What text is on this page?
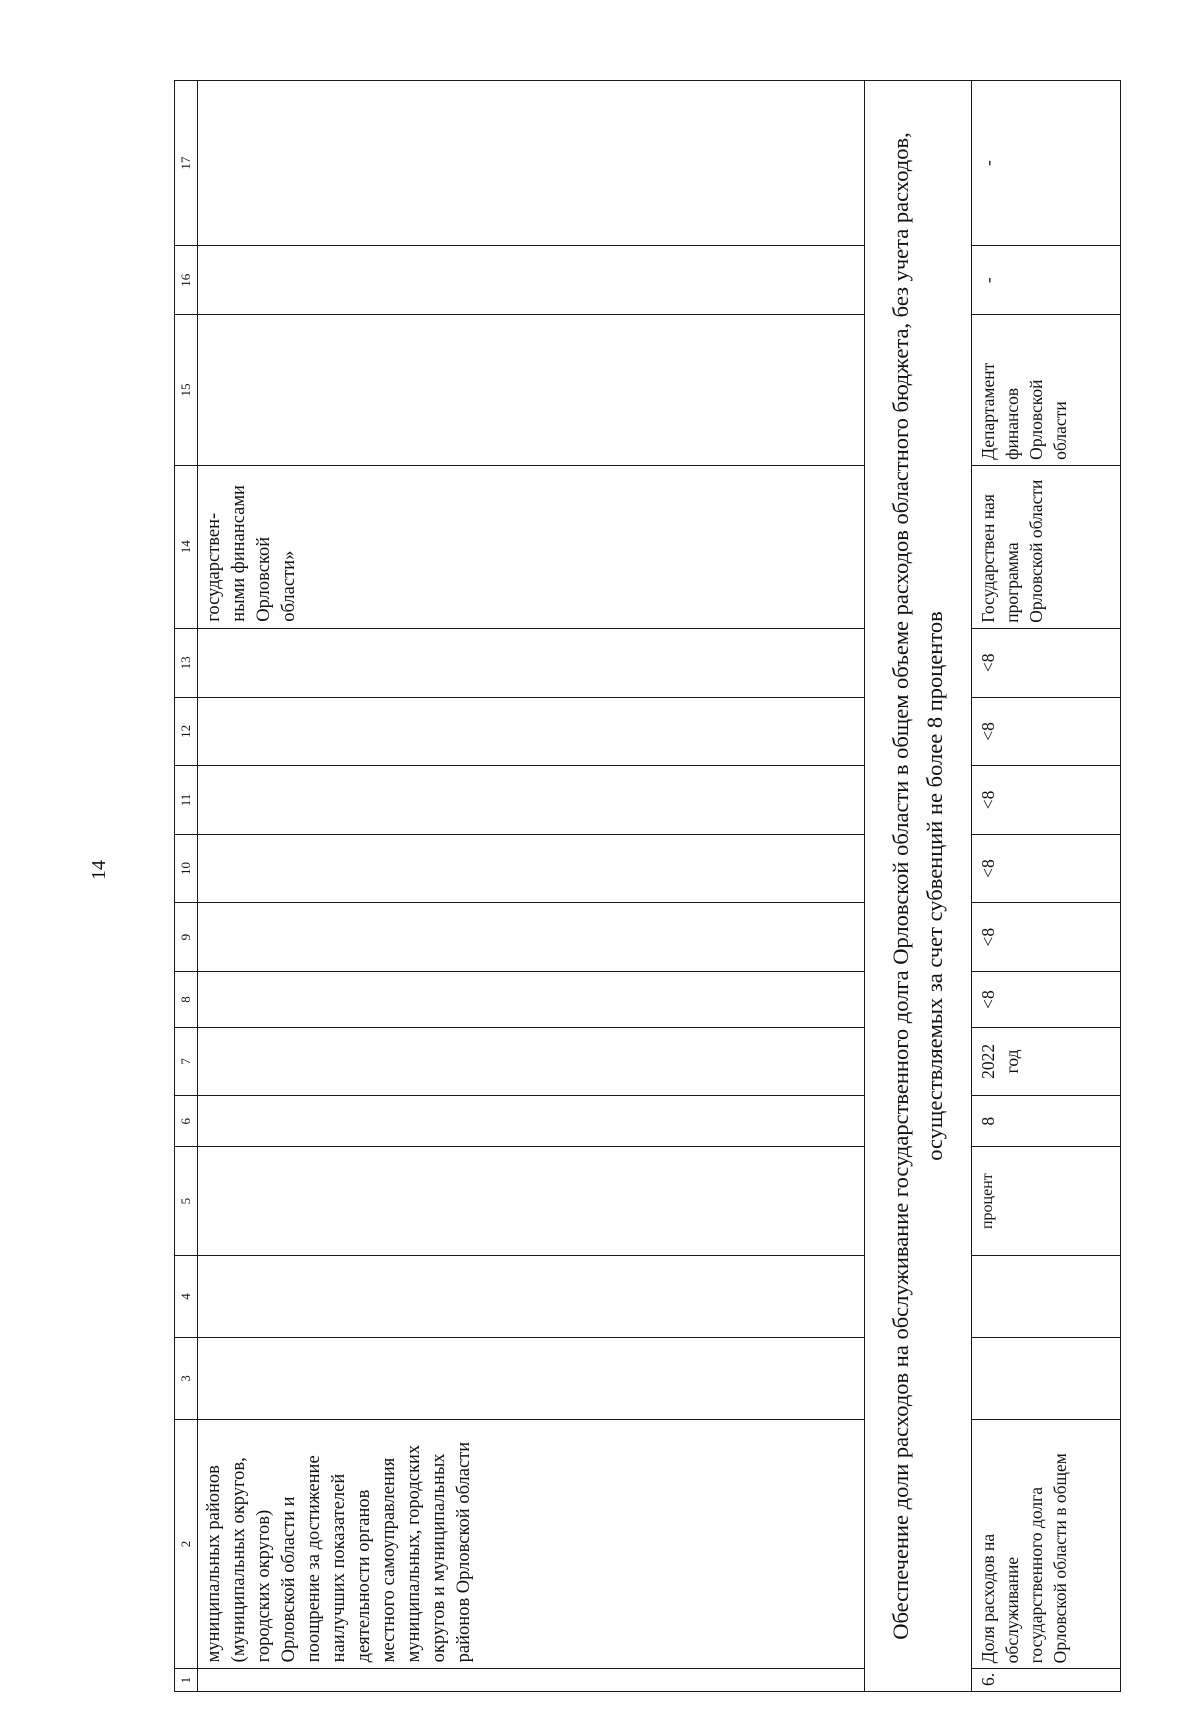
14
1	2	3	4	5	6	7	8	9	10	11	12	13	14	15	16	17

	муниципальных районов (муниципальных округов, городских округов) Орловской области и поощрение за достижение наилучших показателей деятельности органов местного самоуправления муниципальных, городских округов и муниципальных районов Орловской области												государствен-ными финансами Орловской области»			

Обеспечение доли расходов на обслуживание государственного долга Орловской области в общем объеме расходов областного бюджета, без учета расходов, осуществляемых за счет субвенций не более 8 процентов																
6.	Доля расходов на обслуживание государственного долга Орловской области в общем			процент	8	2022 год	<8	<8	<8	<8	<8	<8	Государствен ная программа Орловской области	Департамент финансов Орловской области	-	-
